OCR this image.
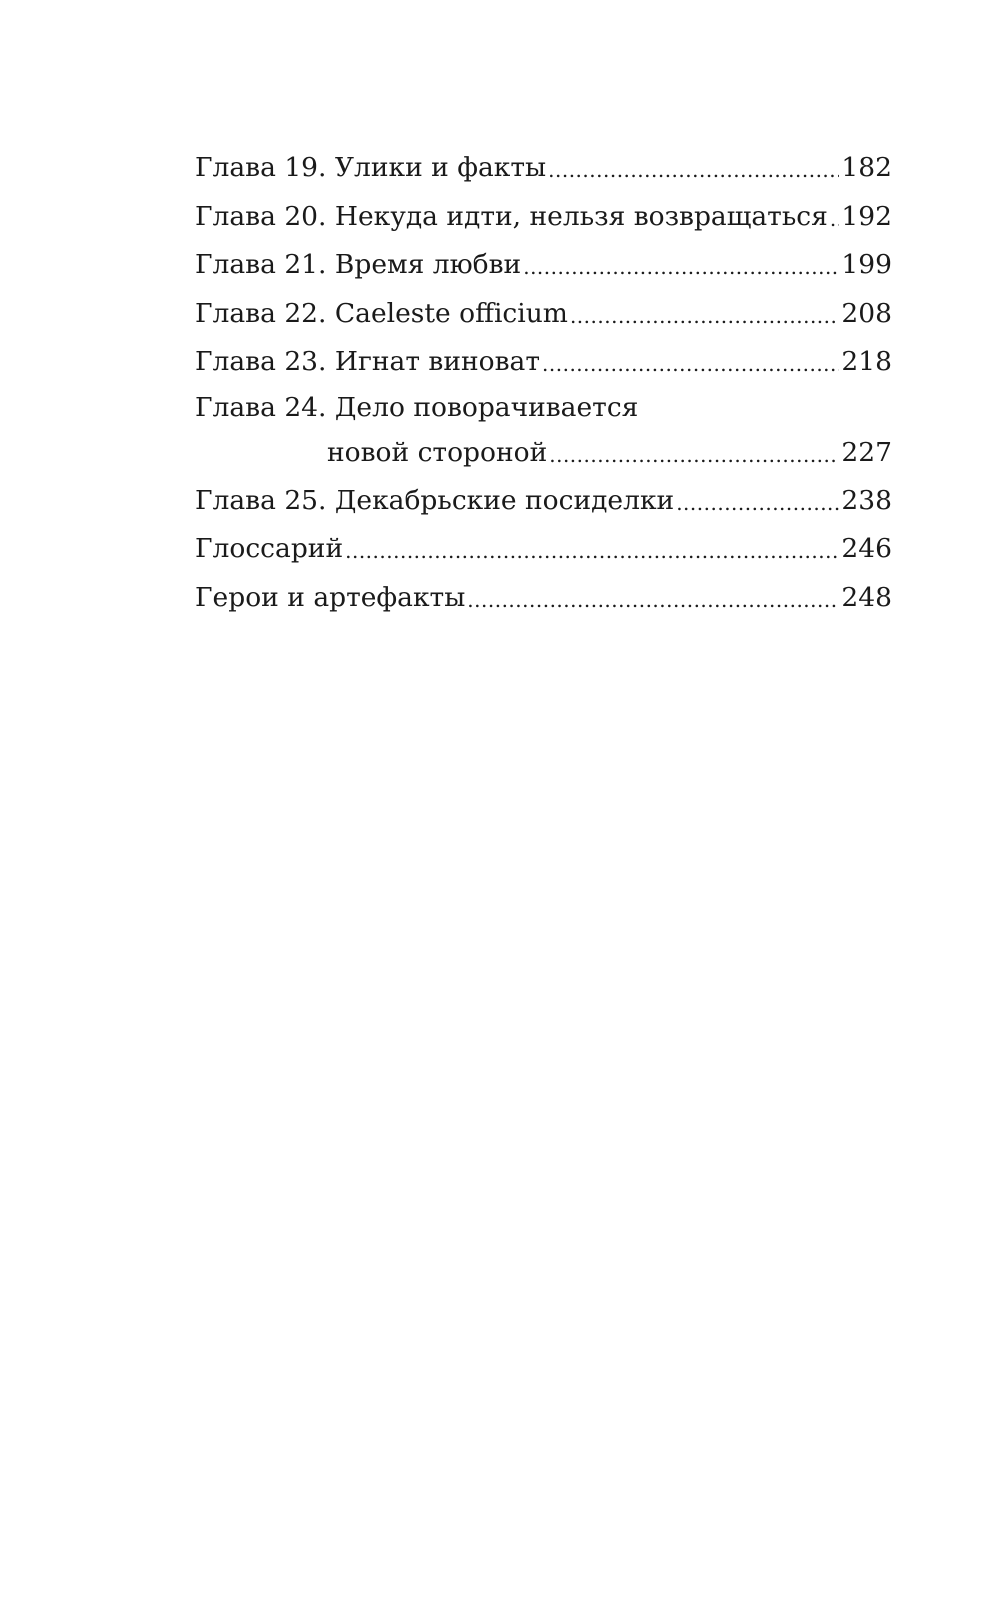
Глава 19. Улики и факты .....	182
Глава 20. Некуда идти, нельзя возвращаться ..... 192
Глава 21. Время любви .....	199
Глава 22. Caeleste officium .....	208
Глава 23. Игнат виноват .....	218
Глава 24. Дело поворачивается
новой стороной .....	227
Глава 25. Декабрьские посиделки .....	238
Глоссарий .....	246
Герои и артефакты .....	248
